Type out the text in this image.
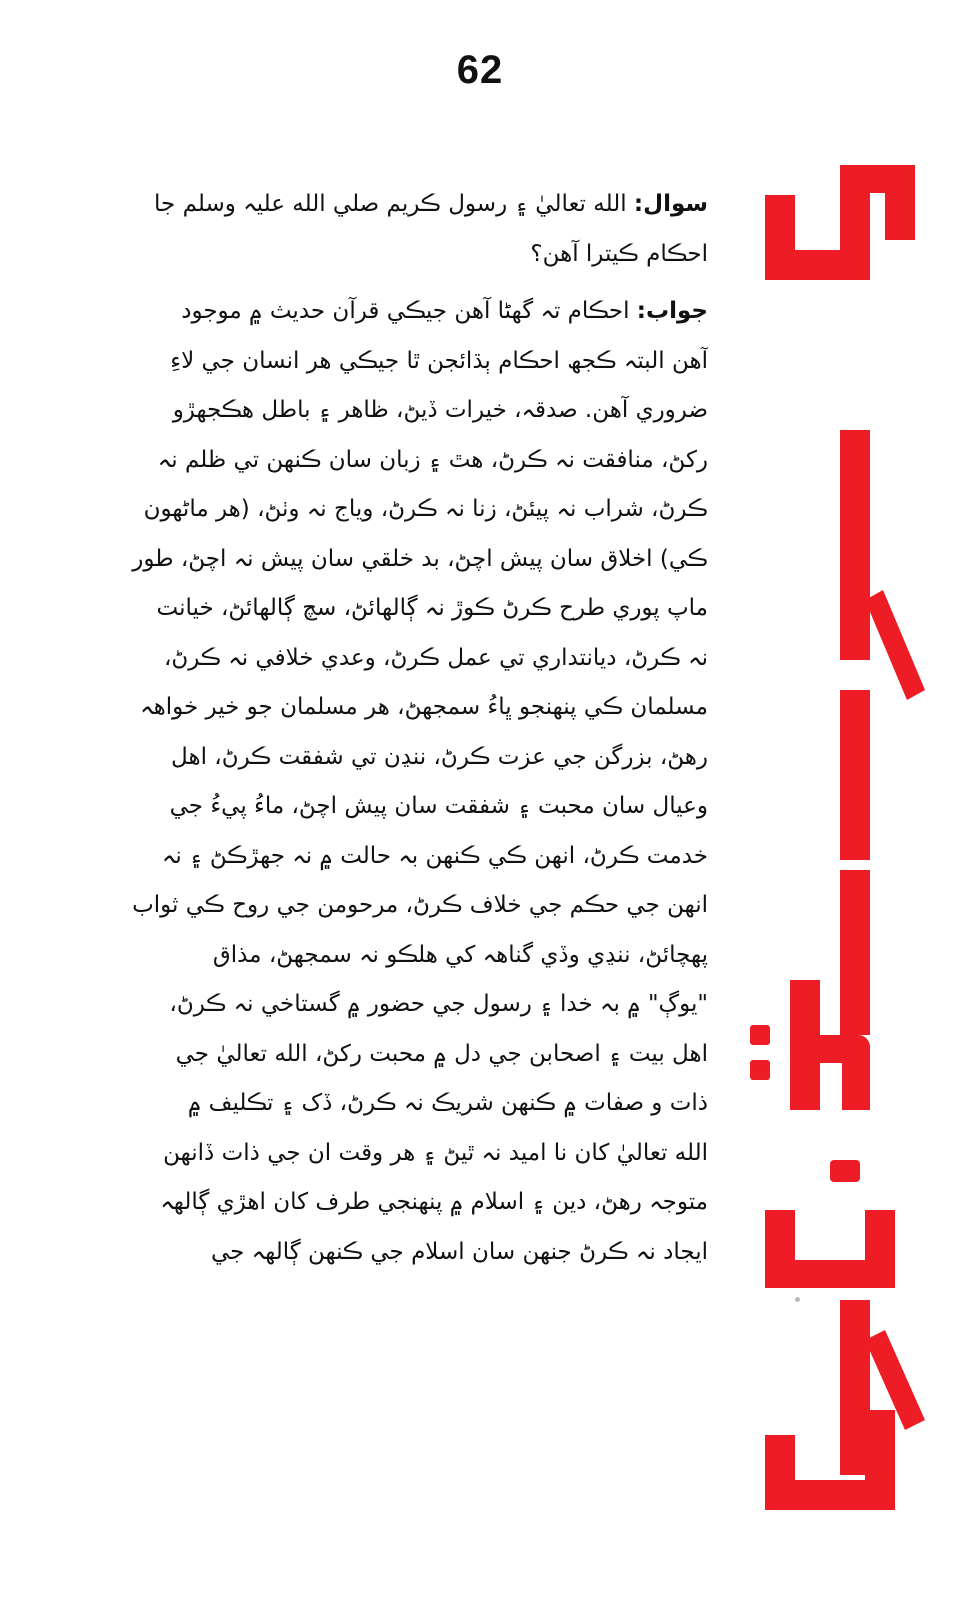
62
سوال: الله تعاليٰ ۽ رسول ڪريم صلي الله عليہ وسلم جا
احڪام ڪيترا آهن؟
جواب: احڪام تہ گھڻا آهن جيڪي قرآن حديث ۾ موجود
آهن البتہ ڪجھ احڪام ٻڌائجن ٿا جيڪي هر انسان جي لاءِ
ضروري آهن. صدقہ، خيرات ڏيڻ، ظاهر ۽ باطل هڪجهڙو
رکڻ، منافقت نہ ڪرڻ، هٿ ۽ زبان سان ڪنهن تي ظلم نہ
ڪرڻ، شراب نہ پيئڻ، زنا نہ ڪرڻ، وياج نہ وٺڻ، (هر ماڻهون
ڪي) اخلاق سان پيش اچڻ، بد خلقي سان پيش نہ اچڻ، طور
ماپ پوري طرح ڪرڻ ڪوڙ نہ ڳالهائڻ، سچ ڳالهائڻ، خيانت
نہ ڪرڻ، ديانتداري تي عمل ڪرڻ، وعدي خلافي نہ ڪرڻ،
مسلمان ڪي پنهنجو ڀاءُ سمجھڻ، هر مسلمان جو خير خواهہ
رهڻ، بزرگن جي عزت ڪرڻ، ننڍن تي شفقت ڪرڻ، اهل
وعيال سان محبت ۽ شفقت سان پيش اچڻ، ماءُ پيءُ جي
خدمت ڪرڻ، انهن ڪي ڪنهن بہ حالت ۾ نہ جهڙڪڻ ۽ نہ
انهن جي حڪم جي خلاف ڪرڻ، مرحومن جي روح ڪي ثواب
پهچائڻ، ننڍي وڏي گناهہ کي هلڪو نہ سمجھڻ، مذاق
"يوڳ" ۾ بہ خدا ۽ رسول جي حضور ۾ گستاخي نہ ڪرڻ،
اهل بيت ۽ اصحابن جي دل ۾ محبت رکڻ، الله تعاليٰ جي
ذات و صفات ۾ ڪنهن شريڪ نہ ڪرڻ، ڏک ۽ تڪليف ۾
الله تعاليٰ کان نا اميد نہ ٿيڻ ۽ هر وقت ان جي ذات ڏانهن
متوجہ رهڻ، دين ۽ اسلام ۾ پنهنجي طرف کان اهڙي ڳالهہ
ايجاد نہ ڪرڻ جنهن سان اسلام جي ڪنهن ڳالهہ جي
